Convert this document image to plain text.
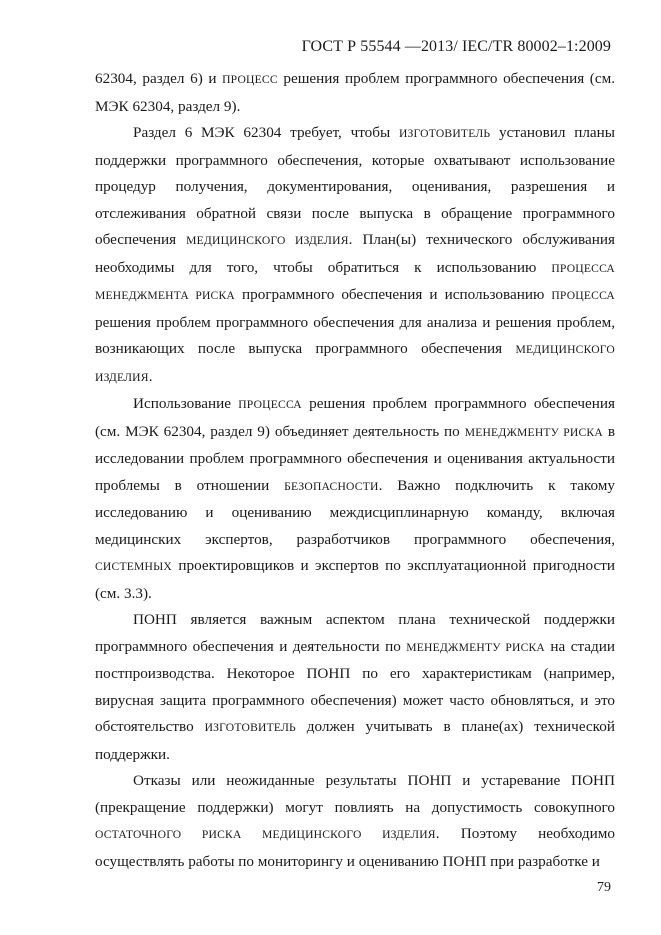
ГОСТ Р 55544 —2013/ IEC/TR 80002–1:2009

62304, раздел 6) и ПРОЦЕСС решения проблем программного обеспечения (см. МЭК 62304, раздел 9).

Раздел 6 МЭК 62304 требует, чтобы ИЗГОТОВИТЕЛЬ установил планы поддержки программного обеспечения, которые охватывают использование процедур получения, документирования, оценивания, разрешения и отслеживания обратной связи после выпуска в обращение программного обеспечения МЕДИЦИНСКОГО ИЗДЕЛИЯ. План(ы) технического обслуживания необходимы для того, чтобы обратиться к использованию ПРОЦЕССА МЕНЕДЖМЕНТА РИСКА программного обеспечения и использованию ПРОЦЕССА решения проблем программного обеспечения для анализа и решения проблем, возникающих после выпуска программного обеспечения МЕДИЦИНСКОГО ИЗДЕЛИЯ.

Использование ПРОЦЕССА решения проблем программного обеспечения (см. МЭК 62304, раздел 9) объединяет деятельность по МЕНЕДЖМЕНТУ РИСКА в исследовании проблем программного обеспечения и оценивания актуальности проблемы в отношении БЕЗОПАСНОСТИ. Важно подключить к такому исследованию и оцениванию междисциплинарную команду, включая медицинских экспертов, разработчиков программного обеспечения, СИСТЕМНЫХ проектировщиков и экспертов по эксплуатационной пригодности (см. 3.3).

ПОНП является важным аспектом плана технической поддержки программного обеспечения и деятельности по МЕНЕДЖМЕНТУ РИСКА на стадии постпроизводства. Некоторое ПОНП по его характеристикам (например, вирусная защита программного обеспечения) может часто обновляться, и это обстоятельство ИЗГОТОВИТЕЛЬ должен учитывать в плане(ах) технической поддержки.

Отказы или неожиданные результаты ПОНП и устаревание ПОНП (прекращение поддержки) могут повлиять на допустимость совокупного ОСТАТОЧНОГО РИСКА МЕДИЦИНСКОГО ИЗДЕЛИЯ. Поэтому необходимо осуществлять работы по мониторингу и оцениванию ПОНП при разработке и

79
